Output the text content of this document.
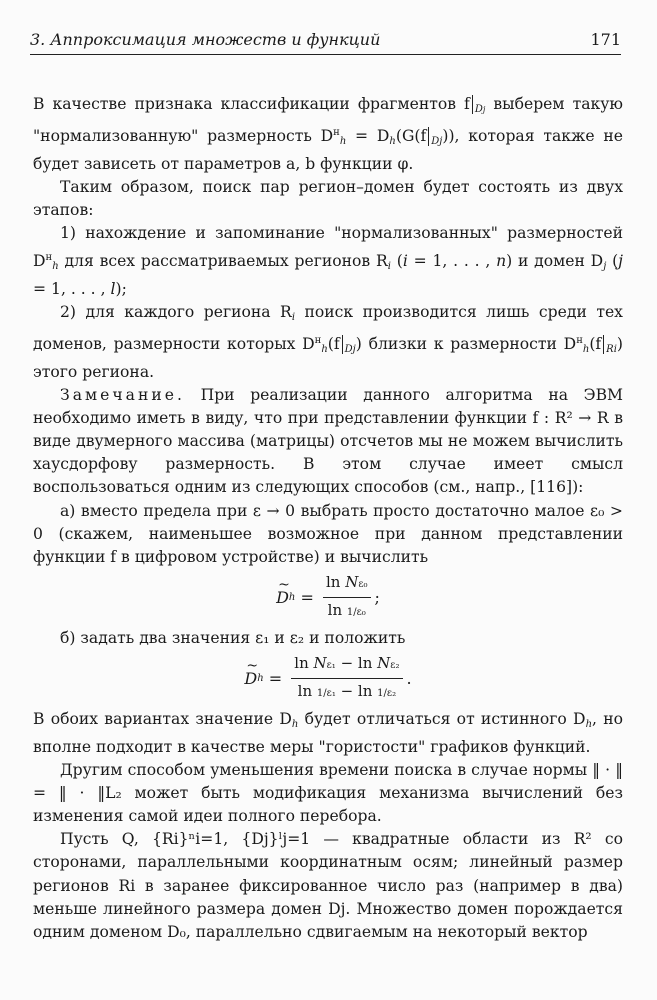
3. Аппроксимация множеств и функций	171

В качестве признака классификации фрагментов f $_{Dj}$ выберем такую "нормализованную" размерность $D^н_h = D_h(G(f$ $_{Dj}$)), которая также не будет зависеть от параметров a, b функции φ.

Таким образом, поиск пар регион–домен будет состоять из двух этапов:

1) нахождение и запоминание "нормализованных" размерностей $D^н_h$ для всех рассматриваемых регионов $R_i$ (i = 1, . . . , n) и домен $D_j$ (j = 1, . . . , l);

2) для каждого региона $R_i$ поиск производится лишь среди тех доменов, размерности которых $D^н_h(f$ $_{Dj}$) близки к размерности $D^н_h(f$ $_{Ri}$) этого региона.

Замечание. При реализации данного алгоритма на ЭВМ необходимо иметь в виду, что при представлении функции f : R² → R в виде двумерного массива (матрицы) отсчетов мы не можем вычислить хаусдорфову размерность. В этом случае имеет смысл воспользоваться одним из следующих способов (см., напр., [116]):

а) вместо предела при ε → 0 выбрать просто достаточно малое ε₀ > 0 (скажем, наименьшее возможное при данном представлении функции f в цифровом устройстве) и вычислить

~ D $h = \frac{\text{ln Nε₀}}{\text{ln 1/ε₀}}$ ;

б) задать два значения ε₁ и ε₂ и положить

~ D $h = \frac{\text{ln Nε₁ − ln Nε₂}}{\text{ln 1/ε₁ − ln 1/ε₂}}$ .

В обоих вариантах значение $D_h$ будет отличаться от истинного $D_h$, но вполне подходит в качестве меры "гористости" графиков функций.

Другим способом уменьшения времени поиска в случае нормы ‖ · ‖ = ‖ · ‖L₂ может быть модификация механизма вычислений без изменения самой идеи полного перебора.

Пусть Q, {Ri}ⁿi=1, {Dj}ˡj=1 — квадратные области из R² со сторонами, параллельными координатным осям; линейный размер регионов Ri в заранее фиксированное число раз (например в два) меньше линейного размера домен Dj. Множество домен порождается одним доменом D₀, параллельно сдвигаемым на некоторый вектор
